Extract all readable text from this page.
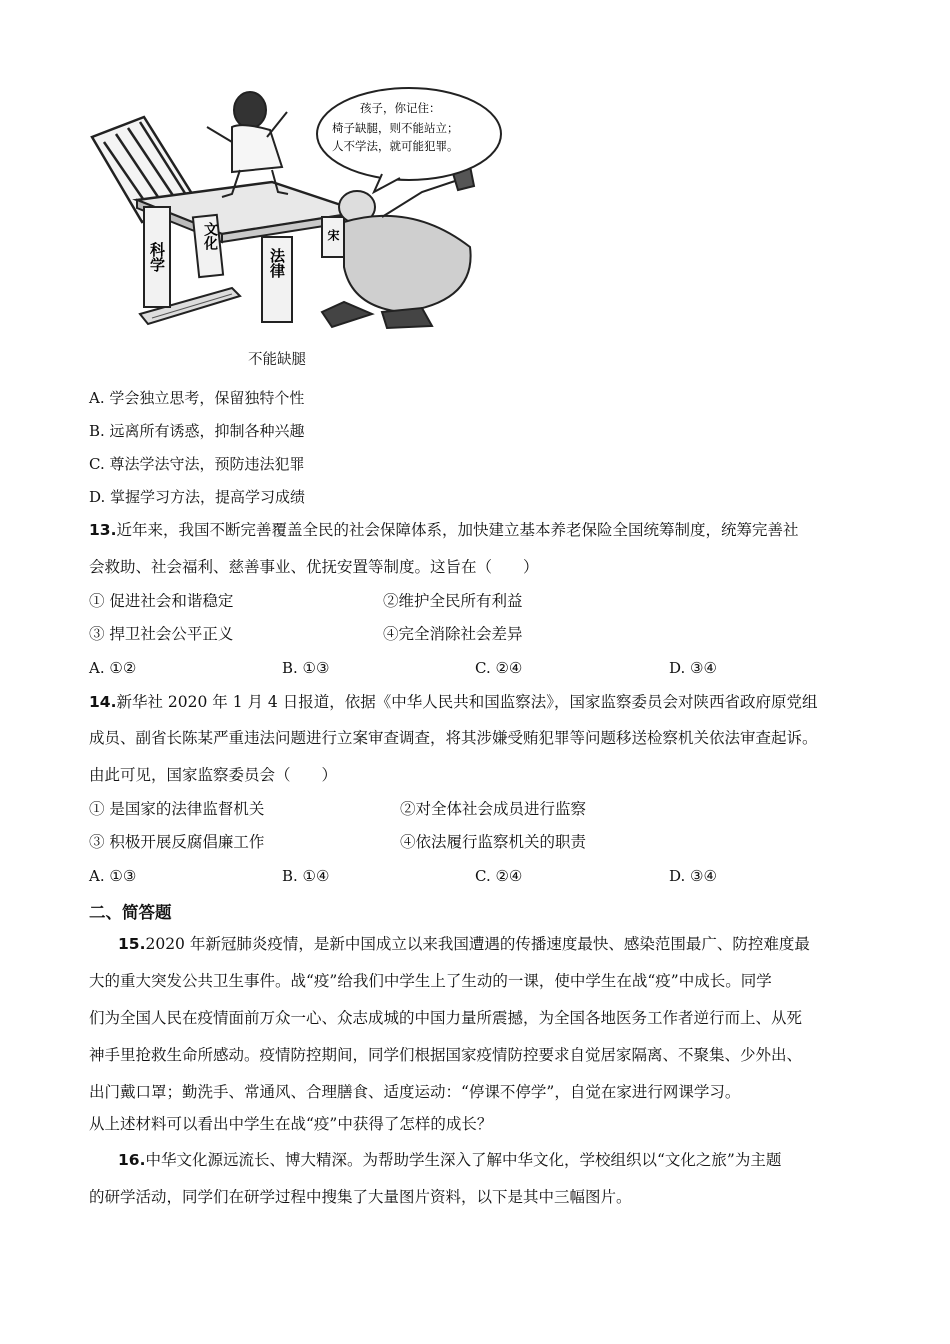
孩子，你记住：
椅子缺腿，则不能站立；
人不学法，就可能犯罪。
科学
文化
法律
宋
不能缺腿
A. 学会独立思考，保留独特个性
B. 远离所有诱惑，抑制各种兴趣
C. 尊法学法守法，预防违法犯罪
D. 掌握学习方法，提高学习成绩
13.近年来，我国不断完善覆盖全民的社会保障体系，加快建立基本养老保险全国统筹制度，统筹完善社
会救助、社会福利、慈善事业、优抚安置等制度。这旨在（　　）
① 促进社会和谐稳定	②维护全民所有利益
③ 捍卫社会公平正义	④完全消除社会差异
A. ①②	B. ①③	C. ②④	D. ③④
14.新华社 2020 年 1 月 4 日报道，依据《中华人民共和国监察法》，国家监察委员会对陕西省政府原党组
成员、副省长陈某严重违法问题进行立案审查调查，将其涉嫌受贿犯罪等问题移送检察机关依法审查起诉。
由此可见，国家监察委员会（　　）
① 是国家的法律监督机关	②对全体社会成员进行监察
③ 积极开展反腐倡廉工作	④依法履行监察机关的职责
A. ①③	B. ①④	C. ②④	D. ③④
二、简答题
15.2020 年新冠肺炎疫情，是新中国成立以来我国遭遇的传播速度最快、感染范围最广、防控难度最
大的重大突发公共卫生事件。战“疫”给我们中学生上了生动的一课，使中学生在战“疫”中成长。同学
们为全国人民在疫情面前万众一心、众志成城的中国力量所震撼，为全国各地医务工作者逆行而上、从死
神手里抢救生命所感动。疫情防控期间，同学们根据国家疫情防控要求自觉居家隔离、不聚集、少外出、
出门戴口罩；勤洗手、常通风、合理膳食、适度运动：“停课不停学”，自觉在家进行网课学习。
从上述材料可以看出中学生在战“疫”中获得了怎样的成长？
16.中华文化源远流长、博大精深。为帮助学生深入了解中华文化，学校组织以“文化之旅”为主题
的研学活动，同学们在研学过程中搜集了大量图片资料，以下是其中三幅图片。
